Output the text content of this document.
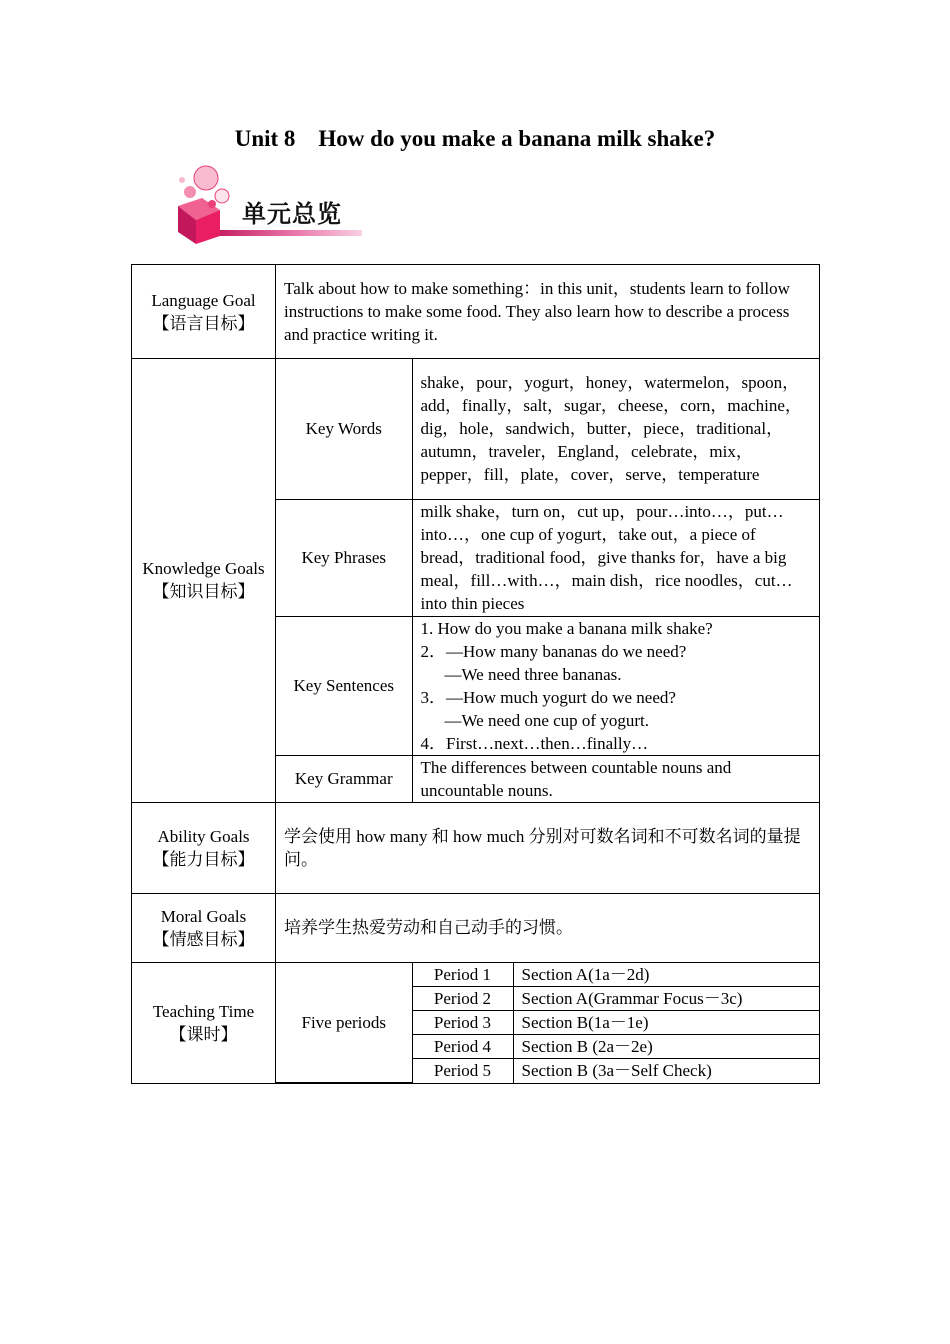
Unit 8    How do you make a banana milk shake?
单元总览
Language Goal
【语言目标】
	Talk about how to make something：in this unit，students learn to follow instructions to make some food. They also learn how to describe a process and practice writing it.

Knowledge Goals
【知识目标】

Key Words	shake，pour，yogurt，honey，watermelon，spoon，add，finally，salt，sugar，cheese，corn，machine，dig，hole，sandwich，butter，piece，traditional，autumn，traveler，England，celebrate，mix，pepper，fill，plate，cover，serve，temperature
Key Phrases	milk shake，turn on，cut up，pour…into…，put…into…，one cup of yogurt，take out，a piece of bread，traditional food，give thanks for，have a big meal，fill…with…，main dish，rice noodles，cut…into thin pieces
Key Sentences	
1. How do you make a banana milk shake?
2．—How many bananas do we need?
—We need three bananas.
3．—How much yogurt do we need?
—We need one cup of yogurt.
4．First…next…then…finally…

Key Grammar	The differences between countable nouns and uncountable nouns.

Ability Goals
【能力目标】
	学会使用 how many 和 how much 分别对可数名词和不可数名词的量提问。

Moral Goals
【情感目标】
	培养学生热爱劳动和自己动手的习惯。

Teaching Time
【课时】

Five periods	Period 1	Section A(1a－2d)
Period 2	Section A(Grammar Focus－3c)
Period 3	Section B(1a－1e)
Period 4	Section B (2a－2e)
Period 5	Section B (3a－Self Check)
